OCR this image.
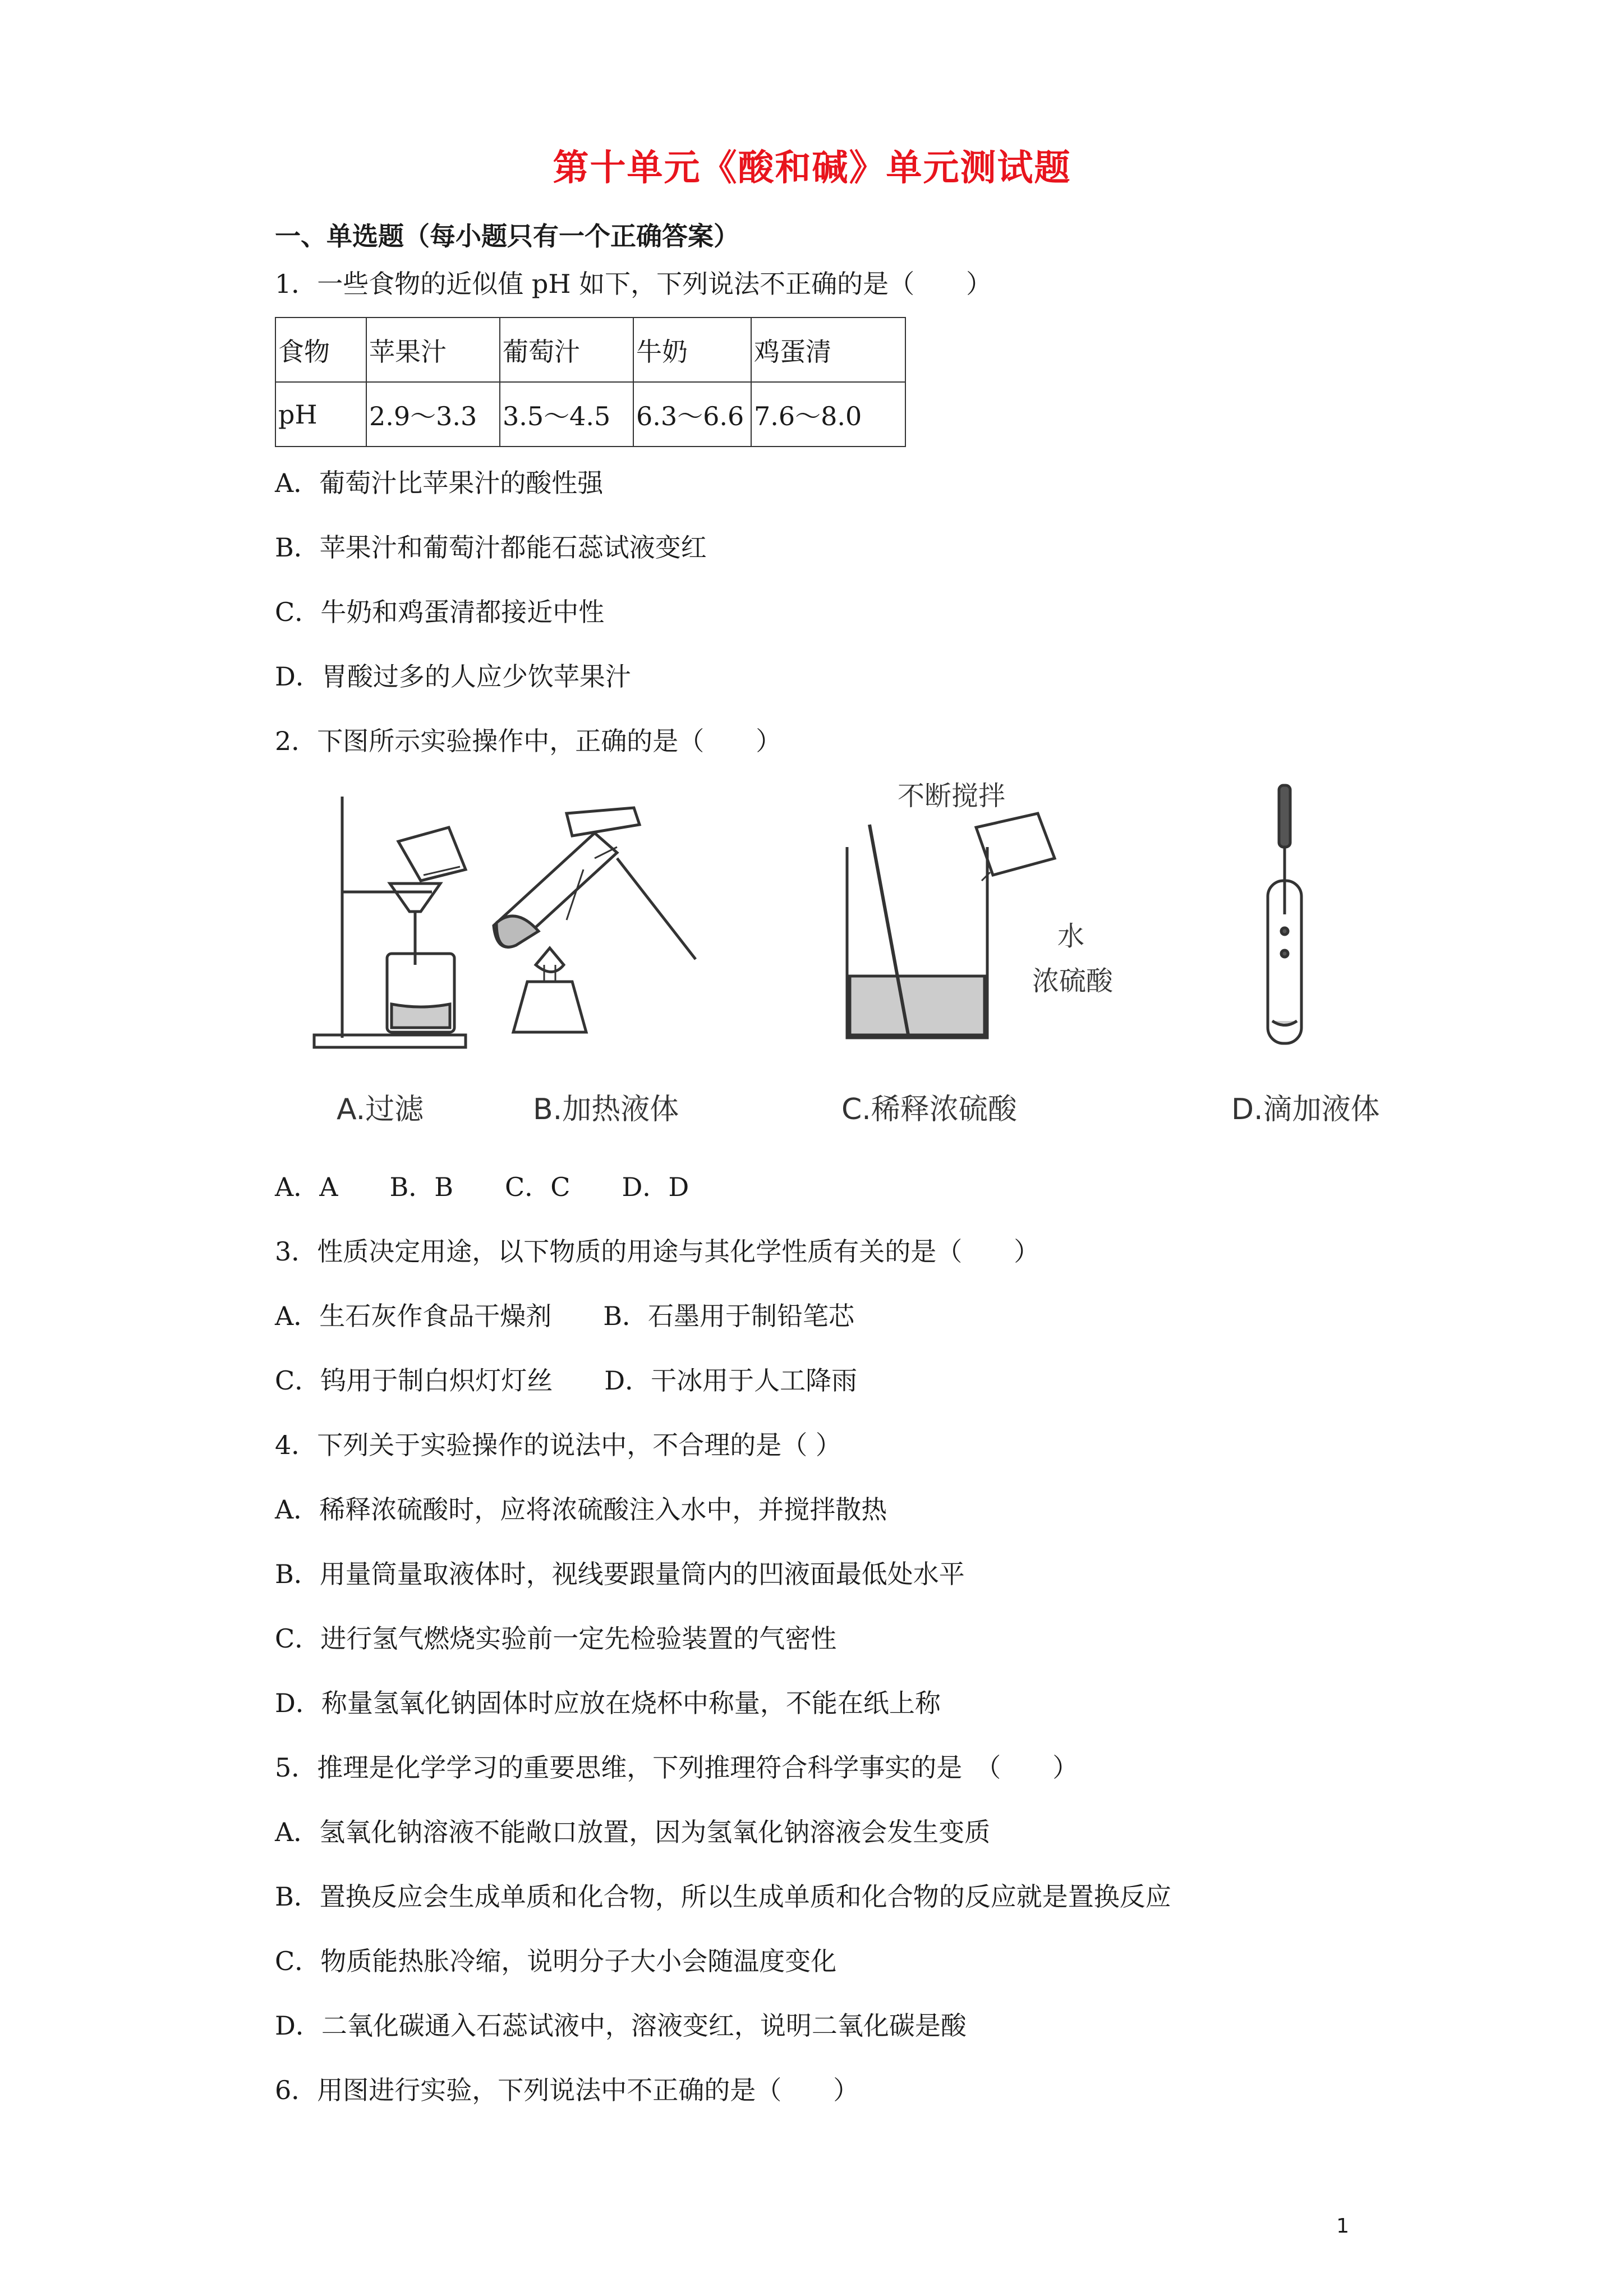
第十单元《酸和碱》单元测试题
一、单选题（每小题只有一个正确答案）
1．一些食物的近似值 pH 如下，下列说法不正确的是（　　）
食物	苹果汁	葡萄汁	牛奶	鸡蛋清
pH	2.9～3.3	3.5～4.5	6.3～6.6	7.6～8.0
A．葡萄汁比苹果汁的酸性强
B．苹果汁和葡萄汁都能石蕊试液变红
C．牛奶和鸡蛋清都接近中性
D．胃酸过多的人应少饮苹果汁
2．下图所示实验操作中，正确的是（　　）
不断搅拌
水
浓硫酸
A.过滤	B.加热液体	C.稀释浓硫酸	D.滴加液体
A．A　　B．B　　C．C　　D．D
3．性质决定用途，以下物质的用途与其化学性质有关的是（　　）
A．生石灰作食品干燥剂　　B．石墨用于制铅笔芯
C．钨用于制白炽灯灯丝　　D．干冰用于人工降雨
4．下列关于实验操作的说法中，不合理的是（ ）
A．稀释浓硫酸时，应将浓硫酸注入水中，并搅拌散热
B．用量筒量取液体时，视线要跟量筒内的凹液面最低处水平
C．进行氢气燃烧实验前一定先检验装置的气密性
D．称量氢氧化钠固体时应放在烧杯中称量，不能在纸上称
5．推理是化学学习的重要思维，下列推理符合科学事实的是　（　　）
A．氢氧化钠溶液不能敞口放置，因为氢氧化钠溶液会发生变质
B．置换反应会生成单质和化合物，所以生成单质和化合物的反应就是置换反应
C．物质能热胀冷缩，说明分子大小会随温度变化
D．二氧化碳通入石蕊试液中，溶液变红，说明二氧化碳是酸
6．用图进行实验，下列说法中不正确的是（　　）
1
